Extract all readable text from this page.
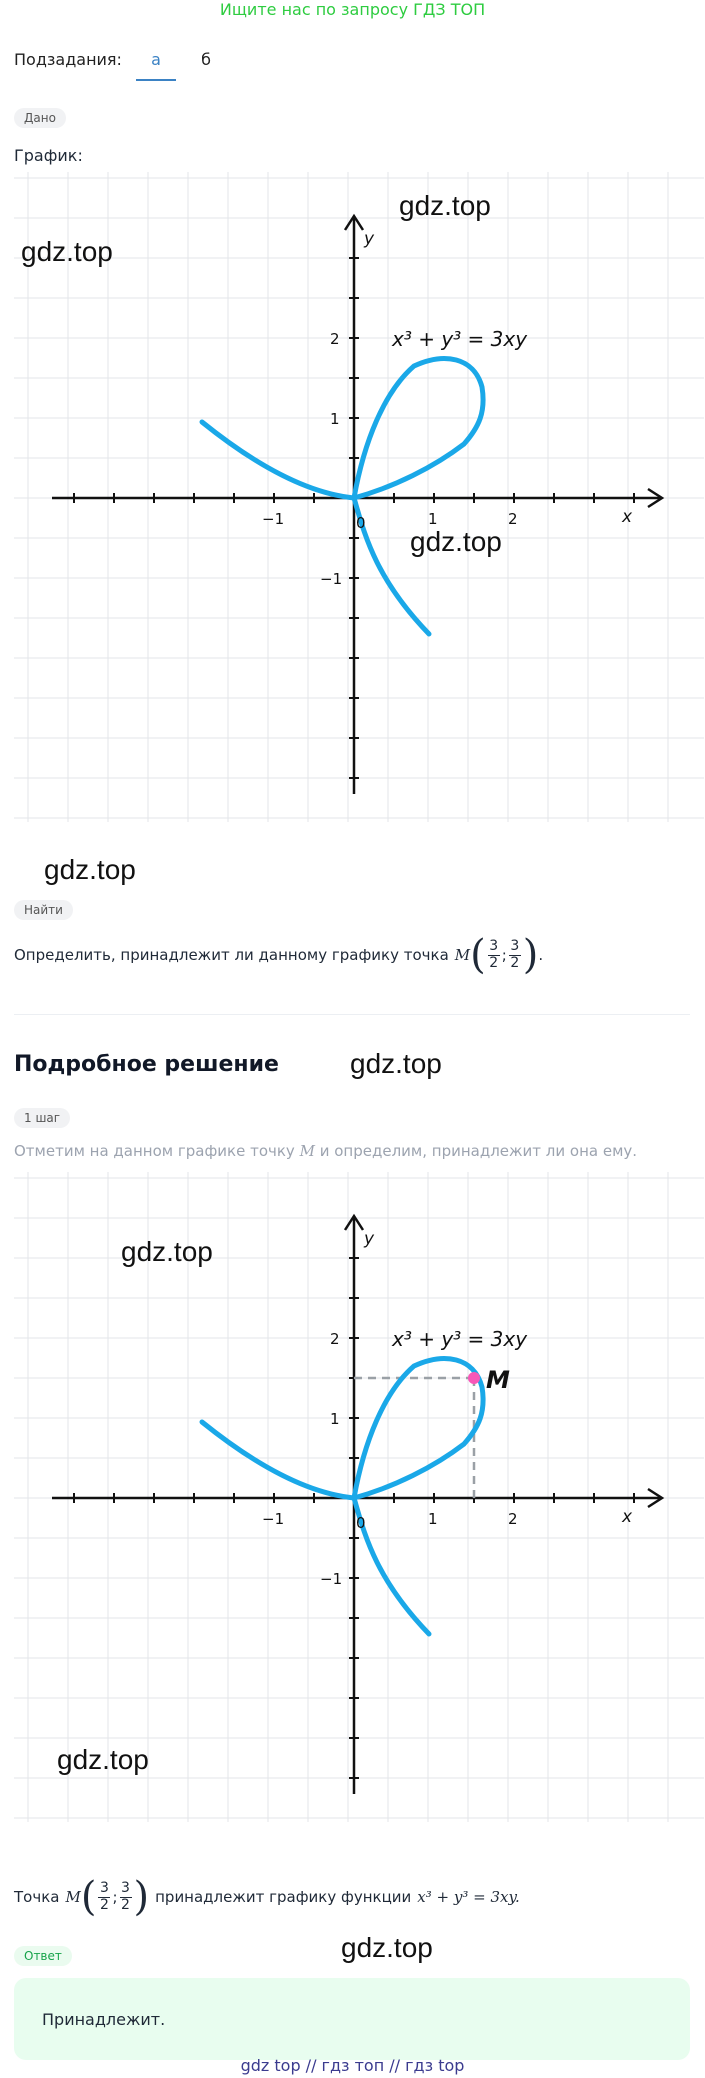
Ищите нас по запросу ГДЗ ТОП
Подзадания:	а	б
Дано
График:
0
−1	1	2
2
1
−1
x
y
x³ + y³ = 3xy
Найти
Определить, принадлежит ли данному графику точка M ( $\frac{3}{2}$ ; $\frac{3}{2}$ ) .
Подробное решение
1 шаг
Отметим на данном графике точку M и определим, принадлежит ли она ему.
M
0
−1	1	2
2
1
−1
x
y
x³ + y³ = 3xy
Точка M ( $\frac{3}{2}$ ; $\frac{3}{2}$ ) принадлежит графику функции x³ + y³ = 3xy.
Ответ
Принадлежит.
gdz.top
gdz.top
gdz.top
gdz.top
gdz.top
gdz.top
gdz.top
gdz.top
gdz top // гдз топ // гдз top
